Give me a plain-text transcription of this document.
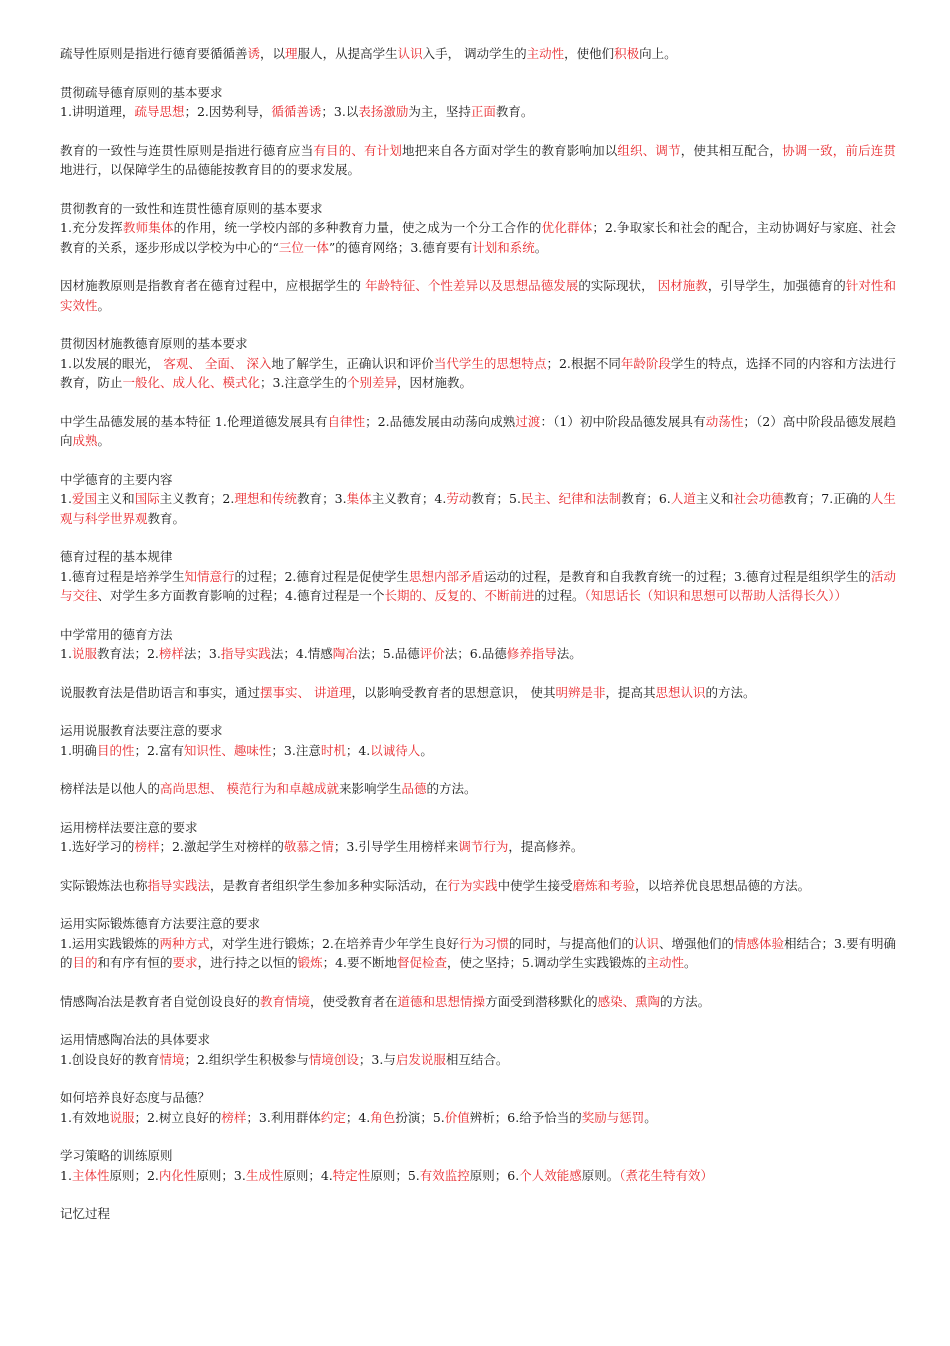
疏导性原则是指进行德育要循循善诱，以理服人，从提高学生认识入手， 调动学生的主动性，使他们积极向上。
贯彻疏导德育原则的基本要求
1.讲明道理，疏导思想；2.因势利导，循循善诱；3.以表扬激励为主，坚持正面教育。
教育的一致性与连贯性原则是指进行德育应当有目的、有计划地把来自各方面对学生的教育影响加以组织、调节，使其相互配合，协调一致，前后连贯地进行，以保障学生的品德能按教育目的的要求发展。
贯彻教育的一致性和连贯性德育原则的基本要求
1.充分发挥教师集体的作用，统一学校内部的多种教育力量，使之成为一个分工合作的优化群体；2.争取家长和社会的配合，主动协调好与家庭、社会教育的关系，逐步形成以学校为中心的“三位一体”的德育网络；3.德育要有计划和系统。
因材施教原则是指教育者在德育过程中，应根据学生的 年龄特征、个性差异以及思想品德发展的实际现状， 因材施教，引导学生，加强德育的针对性和实效性。
贯彻因材施教德育原则的基本要求
1.以发展的眼光， 客观、 全面、 深入地了解学生，正确认识和评价当代学生的思想特点；2.根据不同年龄阶段学生的特点，选择不同的内容和方法进行教育，防止一般化、成人化、模式化；3.注意学生的个别差异，因材施教。
中学生品德发展的基本特征 1.伦理道德发展具有自律性；2.品德发展由动荡向成熟过渡：（1）初中阶段品德发展具有动荡性；（2）高中阶段品德发展趋向成熟。
中学德育的主要内容
1.爱国主义和国际主义教育；2.理想和传统教育；3.集体主义教育；4.劳动教育；5.民主、纪律和法制教育；6.人道主义和社会功德教育；7.正确的人生观与科学世界观教育。
德育过程的基本规律
1.德育过程是培养学生知情意行的过程；2.德育过程是促使学生思想内部矛盾运动的过程，是教育和自我教育统一的过程；3.德育过程是组织学生的活动与交往、对学生多方面教育影响的过程；4.德育过程是一个长期的、反复的、不断前进的过程。（知思话长（知识和思想可以帮助人活得长久））
中学常用的德育方法
1.说服教育法；2.榜样法；3.指导实践法；4.情感陶冶法；5.品德评价法；6.品德修养指导法。
说服教育法是借助语言和事实，通过摆事实、 讲道理，以影响受教育者的思想意识， 使其明辨是非，提高其思想认识的方法。
运用说服教育法要注意的要求
1.明确目的性；2.富有知识性、趣味性；3.注意时机；4.以诚待人。
榜样法是以他人的高尚思想、 模范行为和卓越成就来影响学生品德的方法。
运用榜样法要注意的要求
1.选好学习的榜样；2.激起学生对榜样的敬慕之情；3.引导学生用榜样来调节行为，提高修养。
实际锻炼法也称指导实践法，是教育者组织学生参加多种实际活动，在行为实践中使学生接受磨炼和考验，以培养优良思想品德的方法。
运用实际锻炼德育方法要注意的要求
1.运用实践锻炼的两种方式，对学生进行锻炼；2.在培养青少年学生良好行为习惯的同时，与提高他们的认识、增强他们的情感体验相结合；3.要有明确的目的和有序有恒的要求，进行持之以恒的锻炼；4.要不断地督促检查，使之坚持；5.调动学生实践锻炼的主动性。
情感陶冶法是教育者自觉创设良好的教育情境，使受教育者在道德和思想情操方面受到潜移默化的感染、熏陶的方法。
运用情感陶冶法的具体要求
1.创设良好的教育情境；2.组织学生积极参与情境创设；3.与启发说服相互结合。
如何培养良好态度与品德？
1.有效地说服；2.树立良好的榜样；3.利用群体约定；4.角色扮演；5.价值辨析；6.给予恰当的奖励与惩罚。
学习策略的训练原则
1.主体性原则；2.内化性原则；3.生成性原则；4.特定性原则；5.有效监控原则；6.个人效能感原则。（煮花生特有效）
记忆过程
